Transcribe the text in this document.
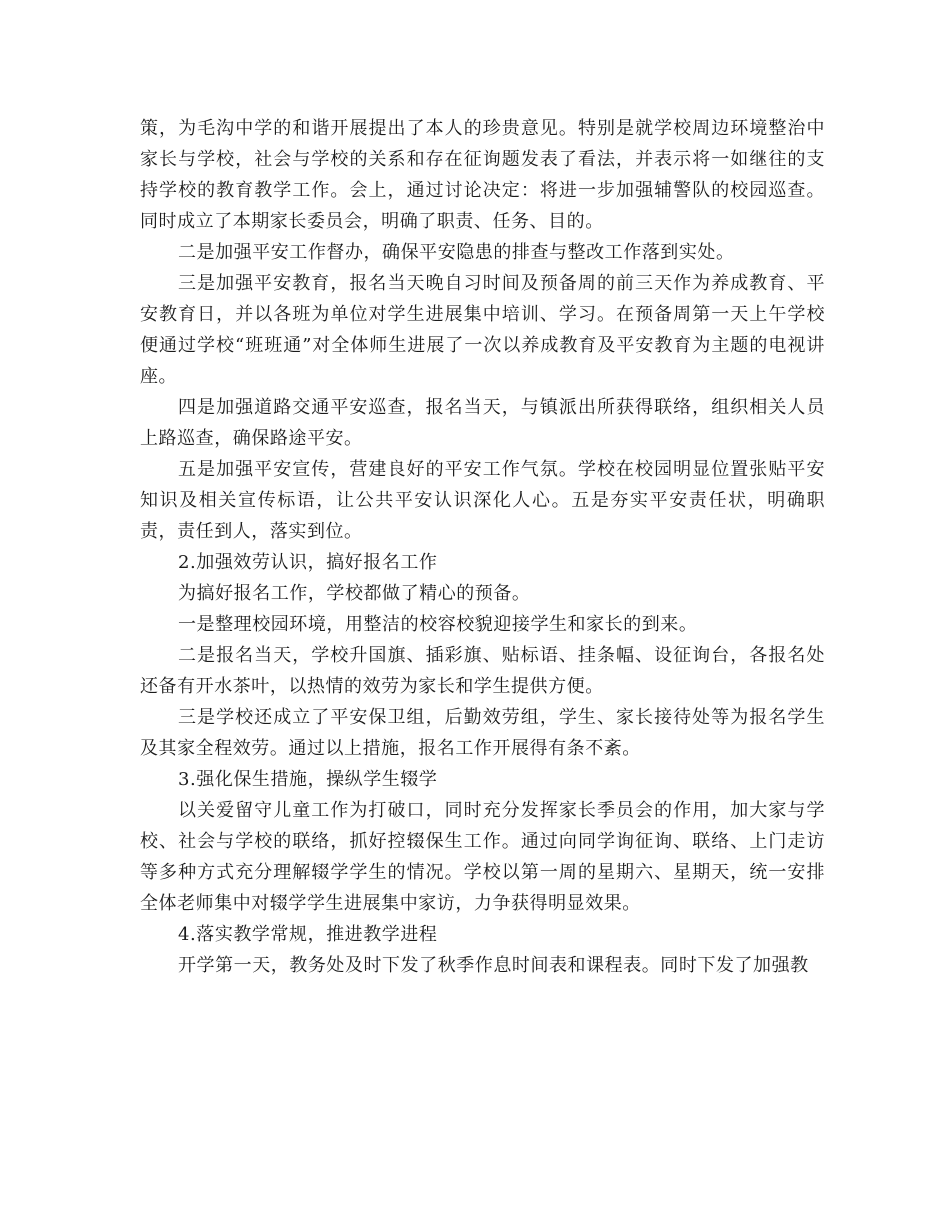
策，为毛沟中学的和谐开展提出了本人的珍贵意见。特别是就学校周边环境整治中家长与学校，社会与学校的关系和存在征询题发表了看法，并表示将一如继往的支持学校的教育教学工作。会上，通过讨论决定：将进一步加强辅警队的校园巡查。同时成立了本期家长委员会，明确了职责、任务、目的。

二是加强平安工作督办，确保平安隐患的排查与整改工作落到实处。

三是加强平安教育，报名当天晚自习时间及预备周的前三天作为养成教育、平安教育日，并以各班为单位对学生进展集中培训、学习。在预备周第一天上午学校便通过学校“班班通”对全体师生进展了一次以养成教育及平安教育为主题的电视讲座。

四是加强道路交通平安巡查，报名当天，与镇派出所获得联络，组织相关人员上路巡查，确保路途平安。

五是加强平安宣传，营建良好的平安工作气氛。学校在校园明显位置张贴平安知识及相关宣传标语，让公共平安认识深化人心。五是夯实平安责任状，明确职责，责任到人，落实到位。

2.加强效劳认识，搞好报名工作

为搞好报名工作，学校都做了精心的预备。

一是整理校园环境，用整洁的校容校貌迎接学生和家长的到来。

二是报名当天，学校升国旗、插彩旗、贴标语、挂条幅、设征询台，各报名处还备有开水茶叶，以热情的效劳为家长和学生提供方便。

三是学校还成立了平安保卫组，后勤效劳组，学生、家长接待处等为报名学生及其家全程效劳。通过以上措施，报名工作开展得有条不紊。

3.强化保生措施，操纵学生辍学

以关爱留守儿童工作为打破口，同时充分发挥家长季员会的作用，加大家与学校、社会与学校的联络，抓好控辍保生工作。通过向同学询征询、联络、上门走访等多种方式充分理解辍学学生的情况。学校以第一周的星期六、星期天，统一安排全体老师集中对辍学学生进展集中家访，力争获得明显效果。

4.落实教学常规，推进教学进程

开学第一天，教务处及时下发了秋季作息时间表和课程表。同时下发了加强教
